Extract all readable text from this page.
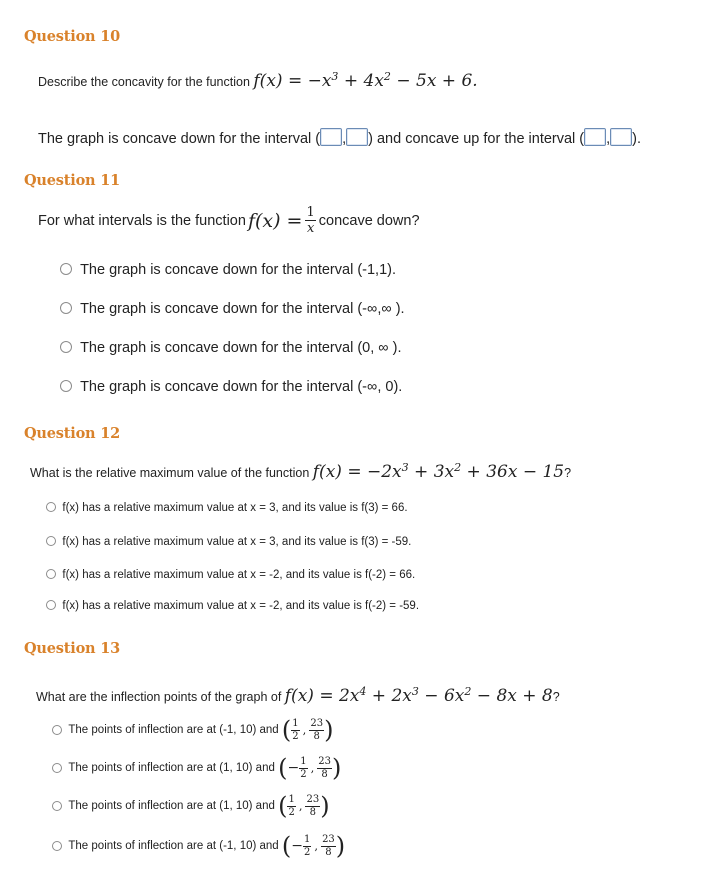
Question 10
Describe the concavity for the function $f(x) = -x^3 + 4x^2 - 5x + 6$.
The graph is concave down for the interval ( , ) and concave up for the interval ( , ).
Question 11
For what intervals is the function $f(x) = \frac{1}{x}$ concave down?
The graph is concave down for the interval (-1,1).
The graph is concave down for the interval (-∞,∞ ).
The graph is concave down for the interval (0, ∞ ).
The graph is concave down for the interval (-∞, 0).
Question 12
What is the relative maximum value of the function $f(x) = -2x^3 + 3x^2 + 36x - 15$?
f(x) has a relative maximum value at x = 3, and its value is f(3) = 66.
f(x) has a relative maximum value at x = 3, and its value is f(3) = -59.
f(x) has a relative maximum value at x = -2, and its value is f(-2) = 66.
f(x) has a relative maximum value at x = -2, and its value is f(-2) = -59.
Question 13
What are the inflection points of the graph of $f(x) = 2x^4 + 2x^3 - 6x^2 - 8x + 8$?

The points of inflection are at (-1, 10) and
( $\frac{1}{2}$ , $\frac{23}{8}$ )

The points of inflection are at (1, 10) and
( − $\frac{1}{2}$ , $\frac{23}{8}$ )

The points of inflection are at (1, 10) and
( $\frac{1}{2}$ , $\frac{23}{8}$ )

The points of inflection are at (-1, 10) and
( − $\frac{1}{2}$ , $\frac{23}{8}$ )
